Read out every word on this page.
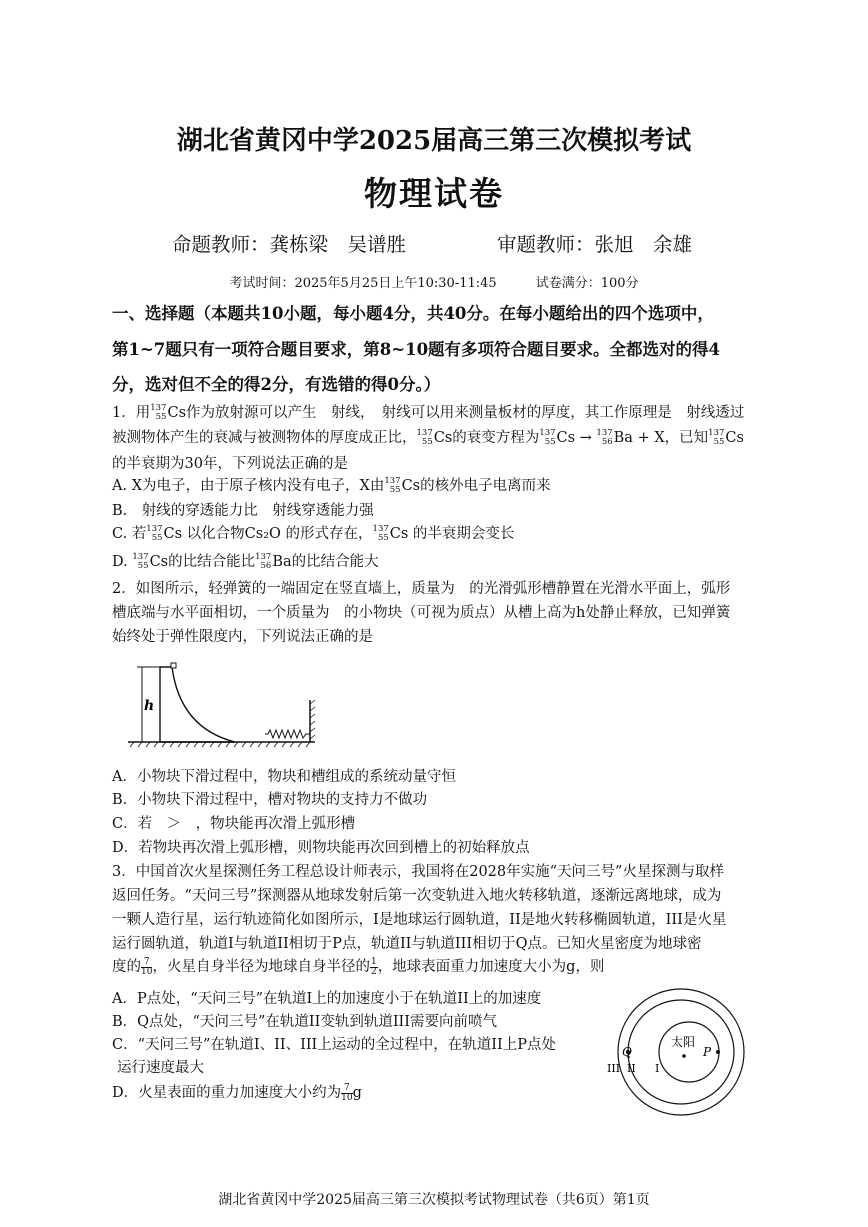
湖北省黄冈中学2025届高三第三次模拟考试
物理试卷
命题教师：龚栋梁　吴谱胜	审题教师：张旭　余雄
考试时间：2025年5月25日上午10:30-11:45　　　	试卷满分：100分
一、选择题（本题共10小题，每小题4分，共40分。在每小题给出的四个选项中，
第1~7题只有一项符合题目要求，第8~10题有多项符合题目要求。全都选对的得4
分，选对但不全的得2分，有选错的得0分。）
1．用 137
55 Cs作为放射源可以产生　射线，　射线可以用来测量板材的厚度，其工作原理是　射线透过
被测物体产生的衰减与被测物体的厚度成正比， 137
55 Cs的衰变方程为 137
55 Cs → 137
56 Ba + X，已知 137
55 Cs
的半衰期为30年，下列说法正确的是
A. X为电子，由于原子核内没有电子，X由 137
55 Cs的核外电子电离而来
B.　射线的穿透能力比　射线穿透能力强
C. 若 137
55 Cs 以化合物Cs₂O 的形式存在， 137
55 Cs 的半衰期会变长
D. 137
55 Cs的比结合能比 137
56 Ba的比结合能大
2．如图所示，轻弹簧的一端固定在竖直墙上，质量为　的光滑弧形槽静置在光滑水平面上，弧形
槽底端与水平面相切，一个质量为　的小物块（可视为质点）从槽上高为h处静止释放，已知弹簧
始终处于弹性限度内，下列说法正确的是
h
A．小物块下滑过程中，物块和槽组成的系统动量守恒
B．小物块下滑过程中，槽对物块的支持力不做功
C．若　＞　，物块能再次滑上弧形槽
D．若物块再次滑上弧形槽，则物块能再次回到槽上的初始释放点
3．中国首次火星探测任务工程总设计师表示，我国将在2028年实施“天问三号”火星探测与取样
返回任务。“天问三号”探测器从地球发射后第一次变轨进入地火转移轨道，逐渐远离地球，成为
一颗人造行星，运行轨迹简化如图所示，I是地球运行圆轨道，II是地火转移椭圆轨道，III是火星
运行圆轨道，轨道I与轨道II相切于P点，轨道II与轨道III相切于Q点。已知火星密度为地球密
度的 $\frac{7}{10}$ ，火星自身半径为地球自身半径的 $\frac{1}{2}$ ，地球表面重力加速度大小为g，则
A．P点处，“天问三号”在轨道I上的加速度小于在轨道II上的加速度
B．Q点处，“天问三号”在轨道II变轨到轨道III需要向前喷气
C．“天问三号”在轨道I、II、III上运动的全过程中，在轨道II上P点处
运行速度最大
D．火星表面的重力加速度大小约为 $\frac{7}{10}$ g
太阳
P
Q
I
II
III
湖北省黄冈中学2025届高三第三次模拟考试物理试卷（共6页）第1页
